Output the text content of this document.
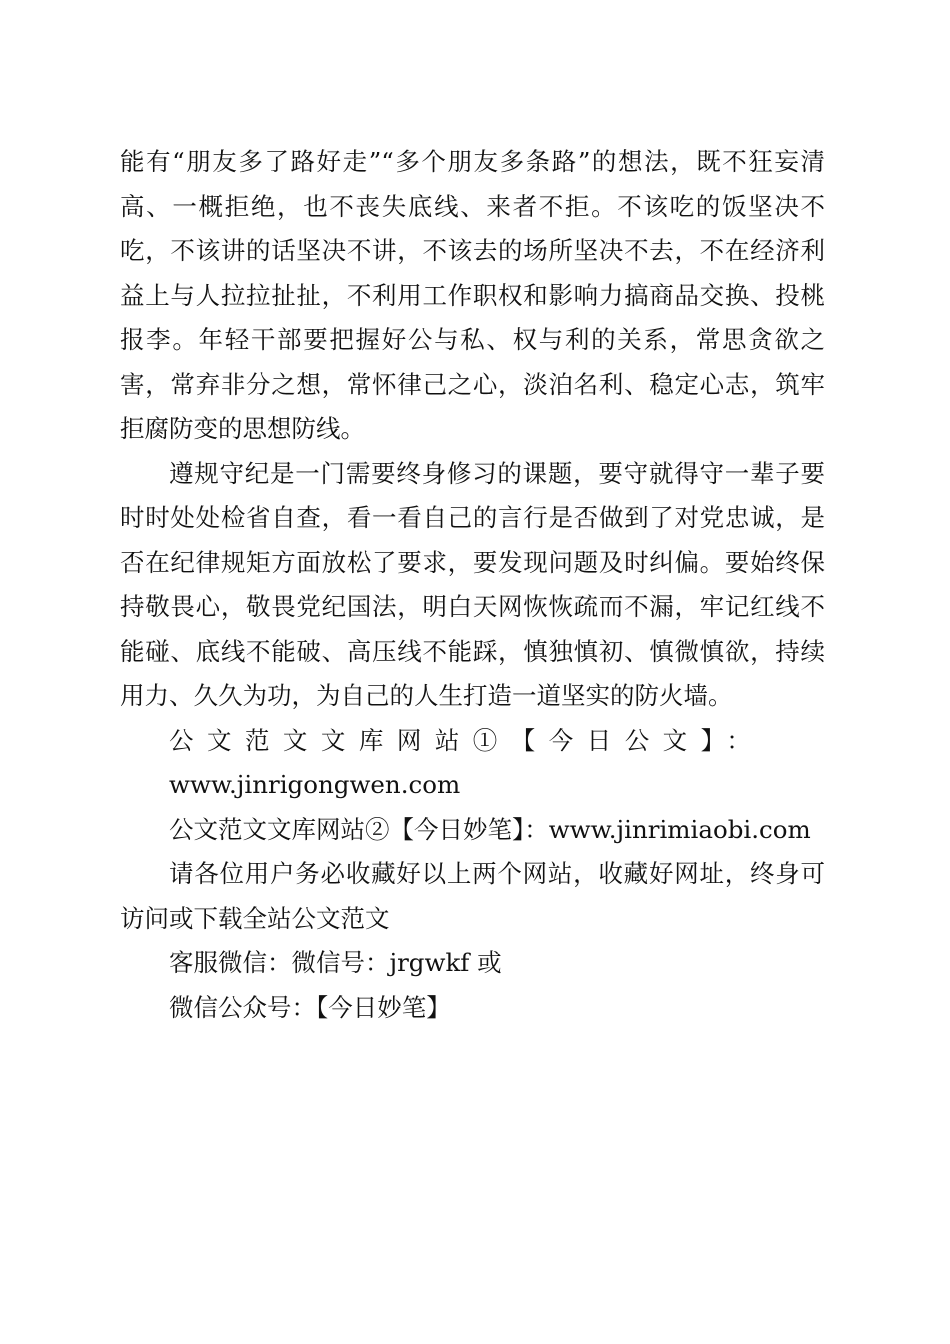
能有“朋友多了路好走”“多个朋友多条路”的想法，既不狂妄清高、一概拒绝，也不丧失底线、来者不拒。不该吃的饭坚决不吃，不该讲的话坚决不讲，不该去的场所坚决不去，不在经济利益上与人拉拉扯扯，不利用工作职权和影响力搞商品交换、投桃报李。年轻干部要把握好公与私、权与利的关系，常思贪欲之害，常弃非分之想，常怀律己之心，淡泊名利、稳定心志，筑牢拒腐防变的思想防线。

遵规守纪是一门需要终身修习的课题，要守就得守一辈子要时时处处检省自查，看一看自己的言行是否做到了对党忠诚，是否在纪律规矩方面放松了要求，要发现问题及时纠偏。要始终保持敬畏心，敬畏党纪国法，明白天网恢恢疏而不漏，牢记红线不能碰、底线不能破、高压线不能踩，慎独慎初、慎微慎欲，持续用力、久久为功，为自己的人生打造一道坚实的防火墙。

公文范文文库网站①【今日公文】：
www.jinrigongwen.com

公文范文文库网站②【今日妙笔】：www.jinrimiaobi.com

请各位用户务必收藏好以上两个网站，收藏好网址，终身可访问或下载全站公文范文

客服微信：微信号：jrgwkf 或

微信公众号：【今日妙笔】
